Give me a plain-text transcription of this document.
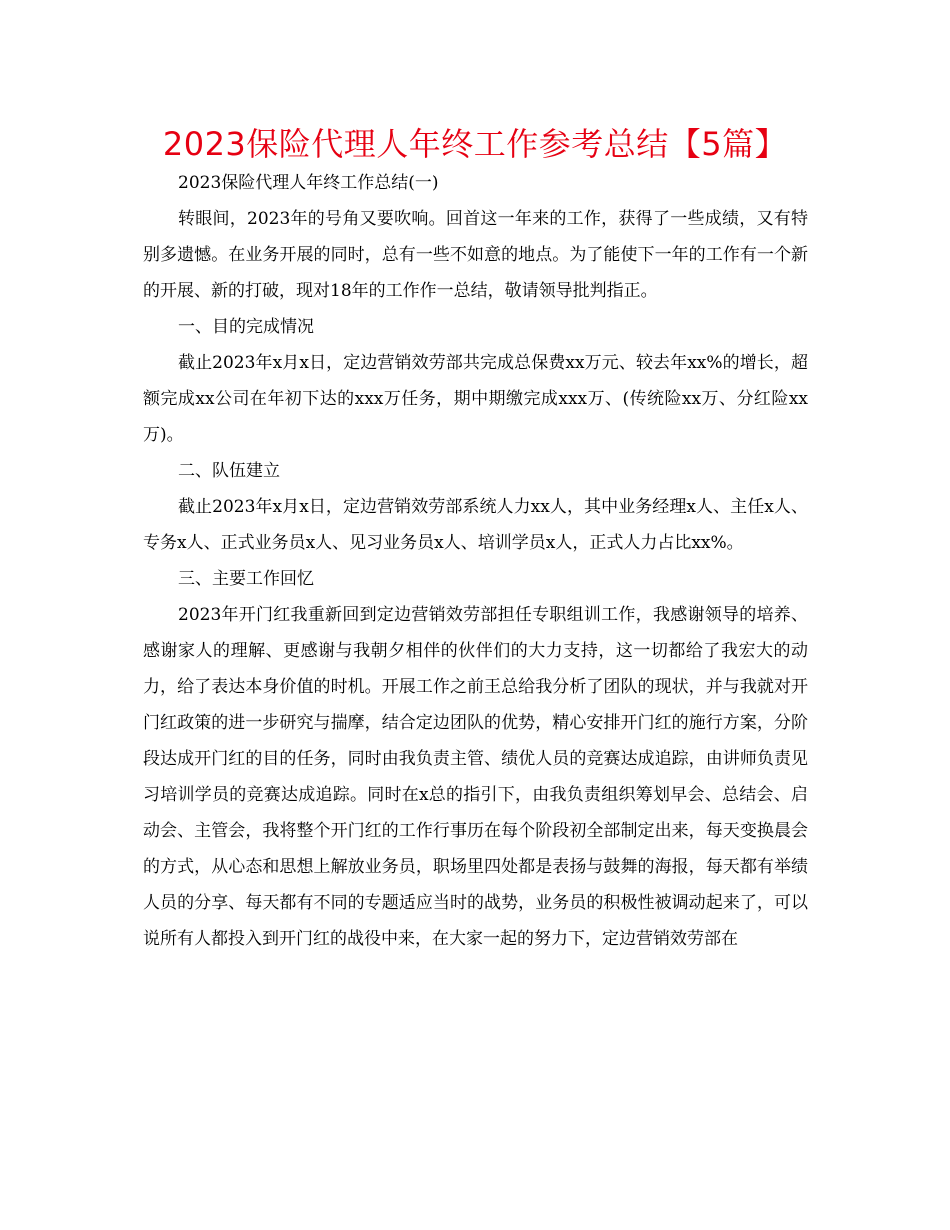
2023保险代理人年终工作参考总结【5篇】

2023保险代理人年终工作总结(一)

转眼间，2023年的号角又要吹响。回首这一年来的工作，获得了一些成绩，又有特别多遗憾。在业务开展的同时，总有一些不如意的地点。为了能使下一年的工作有一个新的开展、新的打破，现对18年的工作作一总结，敬请领导批判指正。

一、目的完成情况

截止2023年x月x日，定边营销效劳部共完成总保费xx万元、较去年xx%的增长，超额完成xx公司在年初下达的xxx万任务，期中期缴完成xxx万、(传统险xx万、分红险xx万)。

二、队伍建立

截止2023年x月x日，定边营销效劳部系统人力xx人，其中业务经理x人、主任x人、专务x人、正式业务员x人、见习业务员x人、培训学员x人，正式人力占比xx%。

三、主要工作回忆

2023年开门红我重新回到定边营销效劳部担任专职组训工作，我感谢领导的培养、感谢家人的理解、更感谢与我朝夕相伴的伙伴们的大力支持，这一切都给了我宏大的动力，给了表达本身价值的时机。开展工作之前王总给我分析了团队的现状，并与我就对开门红政策的进一步研究与揣摩，结合定边团队的优势，精心安排开门红的施行方案，分阶段达成开门红的目的任务，同时由我负责主管、绩优人员的竞赛达成追踪，由讲师负责见习培训学员的竞赛达成追踪。同时在x总的指引下，由我负责组织筹划早会、总结会、启动会、主管会，我将整个开门红的工作行事历在每个阶段初全部制定出来，每天变换晨会的方式，从心态和思想上解放业务员，职场里四处都是表扬与鼓舞的海报，每天都有举绩人员的分享、每天都有不同的专题适应当时的战势，业务员的积极性被调动起来了，可以说所有人都投入到开门红的战役中来，在大家一起的努力下，定边营销效劳部在
